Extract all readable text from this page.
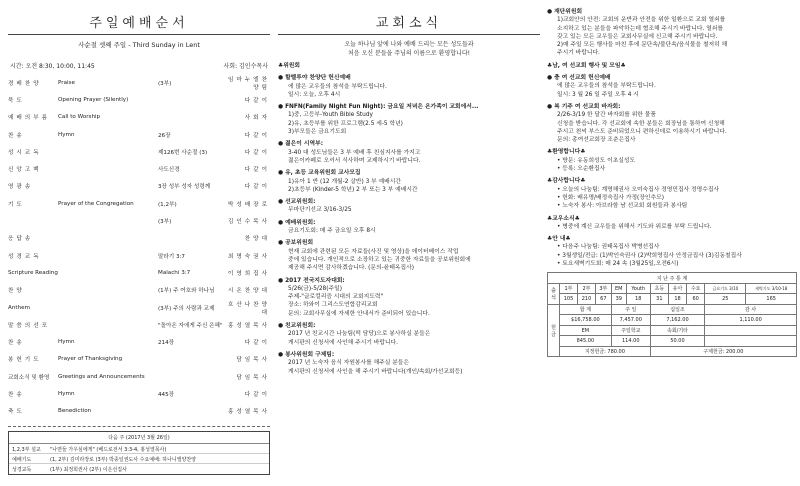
주일예배순서
사순절 셋째 주일 - Third Sunday in Lent
시간: 오전 8:30, 10:00, 11:45	사회: 김인수목사
경배찬양	Praise	(3부)
임마누엘찬양팀
묵도	Opening Prayer (Silently)	다같이
예배의부름	Call to Worship	사회자
찬송	Hymn	26장	다같이
성시교독	제126번 사순절 (3)	다같이
신앙고백	사도신경	다같이
영광송	3장 성부 성자 성령께	다같이
기도	Prayer of the Congregation	(1,2부)	박성배장로
(3부)	김인수목사
응답송	찬양대
성경교독	말라기 3:7	최명숙권사
Scripture Reading	Malachi 3:7	이영희집사
찬양	(1부) 주 여호와 하나님	시온찬양대
Anthem	(3부) 주의 사람과 교제
호산나찬양대
말씀의선포	"돌아온 자에게 주신 은혜" 홍성열목사
찬송	Hymn	214장	다같이
봉헌기도	Prayer of Thanksgiving	담임목사
교회소식 및 환영	Greetings and Announcements	담임목사
찬송	Hymn	445장	다같이
축도	Benediction	홍성열목사
다음 주 (2017년 3월 26일)
1,2,3부 설교	"나면들 가우심에게" (베드로전서 3:3-4, 홍성열목사)
예배기도	(1, 2부) 김미라장로 (3부) 박종일권도사 수요예배: 하나니엘양찬양
성경교독	(1부) 최정희권사 (2부) 이은선집사
교회소식
오늘 하나님 앞에 나와 예배 드리는 모든 성도들과
처음 오신 분들을 주님의 이름으로 환영합니다!
♣위원회
● 할렐루야 찬양단 헌신예배
에 많은 교우들의 참석을 부탁드립니다.
일시: 오늘, 오후 4시
● FNFN(Family Night Fun Night): 금요일 저녁은 온가족이 교회에서...
1)중, 고등부-Youth Bible Study
2)유, 초등부를 위한 프로그램(2.5 세-5 학년)
3)부모들은 금요기도회
● 젊은이 시역부:
3-40 대 성도님들은 3 부 예배 후 친심지사를 가지고
젊은이카페로 오셔서 식사하며 교제하시기 바랍니다.
● 유, 초등 교육위원회 교사모집
1)유아 1 반 (12 개월-2 살반) 3 부 예배시간
2)초등부 (Kinder-5 학년) 2 부 또는 3 부 예배시간
● 선교위원회:
무마단기선교 3/16-3/25
● 예배위원회:
금요기도회: 매 주 금요일 오후 8시
● 공보위원회
현재 교회에 관련된 모든 자료들(사진 및 영상)을 데이터베이스 작업
중에 있습니다. 개인적으로 소장하고 있는 귀중한 자료들을 공보위원회에
제공해 주시면 감사하겠습니다. (문의-윤태옥집사)
● 2017 전국지도자대회:
5/26(금)-5/28(주일)
주제-"글로컬리즘 시대의 교회지도력"
장소: 하와이 그리스도연합감리교회
문의: 교회사무실에 자세한 안내서가 준비되어 있습니다.
● 친교위원회:
2017 년 친교시간 나눔팀(떡 담당)으로 봉사하실 분들은
게시판의 신청서에 사인해 주시기 바랍니다.
● 봉사위원회 구제팀:
2017 년 노숙자 음식 자원봉사를 해주실 분들은
게시판의 신청서에 사인을 해 주시기 바랍니다(개인/속회/가선교회등)
● 재단위원회
1)교회안의 안전: 교회의 운반과 안전을 위한 일환으로 교회 열쇠를
소지하고 있는 분들을 파악하는데 협조해 주시기 바랍니다. 열쇠를
갖고 있는 모든 교우들은 교회사무실에 신고해 주시기 바랍니다.
2)매 주일 모든 행사들 마친 후에 문단속/불단속/음식물을 철저히 해
주시기 바랍니다.
♣남, 여 선교회 행사 및 모임♣
● 충 여 선교회 헌신예배
에 많은 교우들의 참석을 부탁드립니다.
일시: 3 월 26 일 주일 오후 4 시
● 복 기주 여 선교회 바자회:
2/26-3/19 한 달간 바자회를 위한 물품
신청을 받습니다. 각 선교회에 속한 분들은 회장님을 통하여 신청해
주시고 천씨 부스도 준비되었으니 편하신데로 이용하시기 바랍니다.
문의: 총여선교회장 조춘은집사
♣환영합니다♣
• 방문: 유동희성도 이초실성도
• 등록: 오순환집사
♣감사합니다♣
• 오늘의 나눔팀: 계명해권사 오미숙집사 정영민집사 정명수집사
• 헌화: 배유명/배정숙집사 가정(장인추모)
• 노숙자 봉사: 아브라함 남 선교회 회원들과 봉사팀
♣교우소식♣
• 병중에 계신 교우들을 위해서 기도와 위로를 부탁 드립니다.
♣안 내♣
• 다음주 나눔팀: 권태옥집사 박병선집사
• 3월생일/전급: (1)박인숙권사 (2)박희영집사 안정금집사 (3)김동철집사
• 토요새벽기도회: 매 24 속 (3월25일,오전6시)
지 난 주 통 계										
출석	1부	2부	3부	EM	Youth	초등	유아	수요	금요기도 3/10	새벽기도 3/10-18
	105	210	67	39	18	31	18	60	25	165
헌금	합 계			주 일		십일조			감 사	
	$16,758.00			7,457.00		7,162.00			1,110.00	
	EM			주일학교		속회/기타				
	845.00			114.00		50.00				
	지정헌금: 780.00					구제헌금: 200.00				
